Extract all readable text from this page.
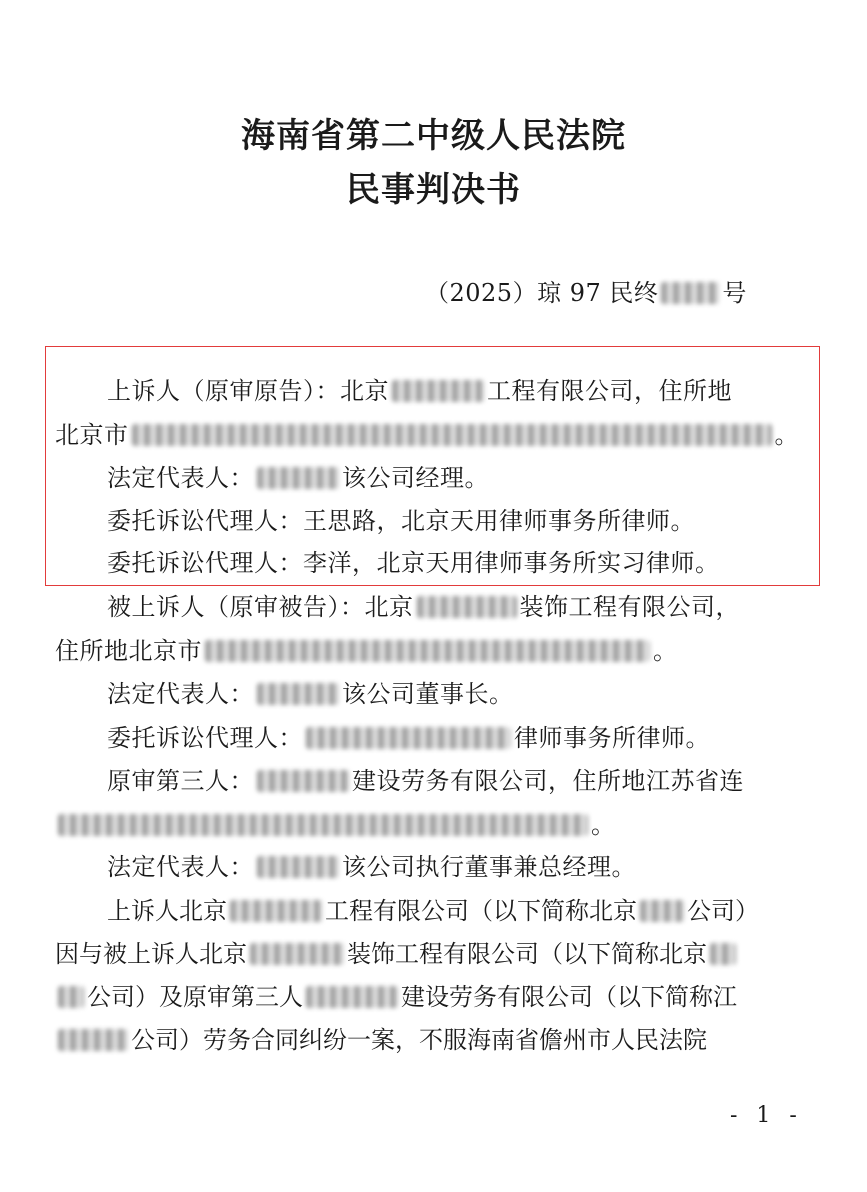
海南省第二中级人民法院
民事判决书
（2025）琼 97 民终	号
上诉人（原审原告）：北京	工程有限公司，住所地
北京市	。
法定代表人：	该公司经理。
委托诉讼代理人：王思路，北京天用律师事务所律师。
委托诉讼代理人：李洋，北京天用律师事务所实习律师。
被上诉人（原审被告）：北京	装饰工程有限公司，
住所地北京市	。
法定代表人：	该公司董事长。
委托诉讼代理人：	律师事务所律师。
原审第三人：	建设劳务有限公司，住所地江苏省连
。
法定代表人：	该公司执行董事兼总经理。
上诉人北京	工程有限公司（以下简称北京 公司）
因与被上诉人北京	装饰工程有限公司（以下简称北京
公司）及原审第三人	建设劳务有限公司（以下简称江
公司）劳务合同纠纷一案，不服海南省儋州市人民法院
- 1 -
